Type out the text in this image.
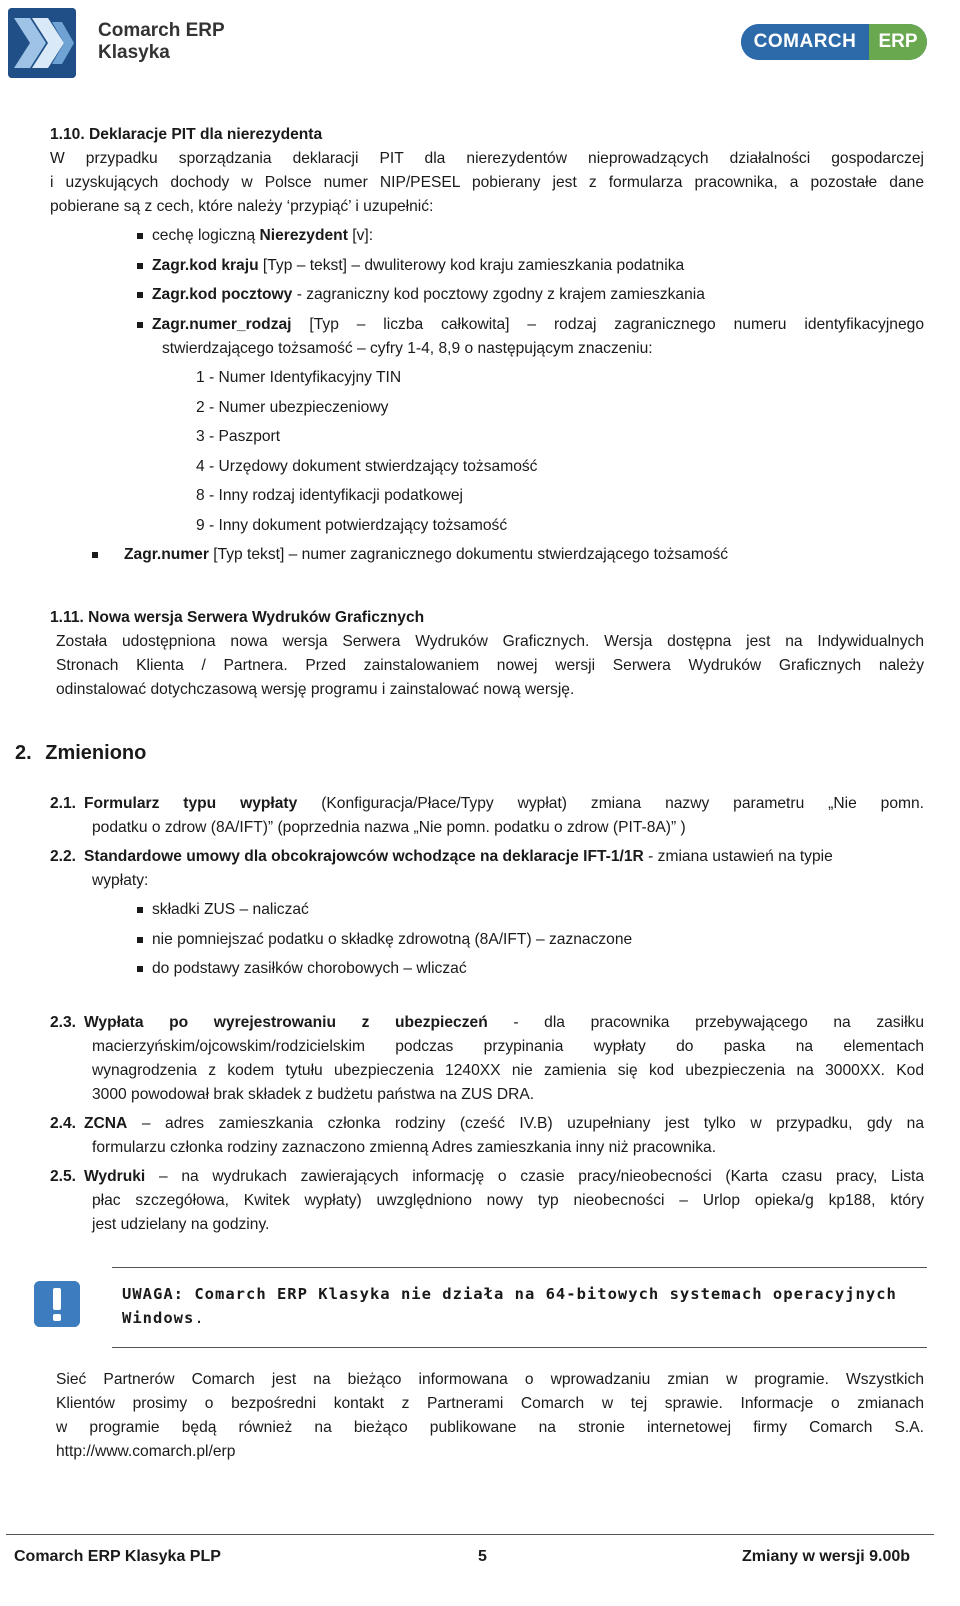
Comarch ERP
Klasyka
COMARCH	ERP
1.10. Deklaracje PIT dla nierezydenta
W przypadku sporządzania deklaracji PIT dla nierezydentów nieprowadzących działalności gospodarczej
i uzyskujących dochody w Polsce numer NIP/PESEL pobierany jest z formularza pracownika, a pozostałe dane
pobierane są z cech, które należy ‘przypiąć’ i uzupełnić:
cechę logiczną Nierezydent [v]:
Zagr.kod kraju [Typ – tekst] – dwuliterowy kod kraju zamieszkania podatnika
Zagr.kod pocztowy - zagraniczny kod pocztowy zgodny z krajem zamieszkania
Zagr.numer_rodzaj [Typ – liczba całkowita] – rodzaj zagranicznego numeru identyfikacyjnego
stwierdzającego tożsamość – cyfry 1-4, 8,9 o następującym znaczeniu:
1 - Numer Identyfikacyjny TIN
2 - Numer ubezpieczeniowy
3 - Paszport
4 - Urzędowy dokument stwierdzający tożsamość
8 - Inny rodzaj identyfikacji podatkowej
9 - Inny dokument potwierdzający tożsamość
Zagr.numer [Typ tekst] – numer zagranicznego dokumentu stwierdzającego tożsamość
1.11. Nowa wersja Serwera Wydruków Graficznych
Została udostępniona nowa wersja Serwera Wydruków Graficznych. Wersja dostępna jest na Indywidualnych
Stronach Klienta / Partnera. Przed zainstalowaniem nowej wersji Serwera Wydruków Graficznych należy
odinstalować dotychczasową wersję programu i zainstalować nową wersję.
2. Zmieniono
2.1. Formularz typu wypłaty (Konfiguracja/Płace/Typy wypłat) zmiana nazwy parametru „Nie pomn.
podatku o zdrow (8A/IFT)” (poprzednia nazwa „Nie pomn. podatku o zdrow (PIT-8A)” )
2.2. Standardowe umowy dla obcokrajowców wchodzące na deklaracje IFT-1/1R - zmiana ustawień na typie
wypłaty:
składki ZUS – naliczać
nie pomniejszać podatku o składkę zdrowotną (8A/IFT) – zaznaczone
do podstawy zasiłków chorobowych – wliczać
2.3. Wypłata po wyrejestrowaniu z ubezpieczeń - dla pracownika przebywającego na zasiłku
macierzyńskim/ojcowskim/rodzicielskim podczas przypinania wypłaty do paska na elementach
wynagrodzenia z kodem tytułu ubezpieczenia 1240XX nie zamienia się kod ubezpieczenia na 3000XX. Kod
3000 powodował brak składek z budżetu państwa na ZUS DRA.
2.4. ZCNA – adres zamieszkania członka rodziny (cześć IV.B) uzupełniany jest tylko w przypadku, gdy na
formularzu członka rodziny zaznaczono zmienną Adres zamieszkania inny niż pracownika.
2.5. Wydruki – na wydrukach zawierających informację o czasie pracy/nieobecności (Karta czasu pracy, Lista
płac szczegółowa, Kwitek wypłaty) uwzględniono nowy typ nieobecności – Urlop opieka/g kp188, który
jest udzielany na godziny.
UWAGA: Comarch ERP Klasyka nie działa na 64-bitowych systemach operacyjnych Windows.
Sieć Partnerów Comarch jest na bieżąco informowana o wprowadzaniu zmian w programie. Wszystkich
Klientów prosimy o bezpośredni kontakt z Partnerami Comarch w tej sprawie. Informacje o zmianach
w programie będą również na bieżąco publikowane na stronie internetowej firmy Comarch S.A.
http://www.comarch.pl/erp
Comarch ERP Klasyka PLP	5	Zmiany w wersji 9.00b
